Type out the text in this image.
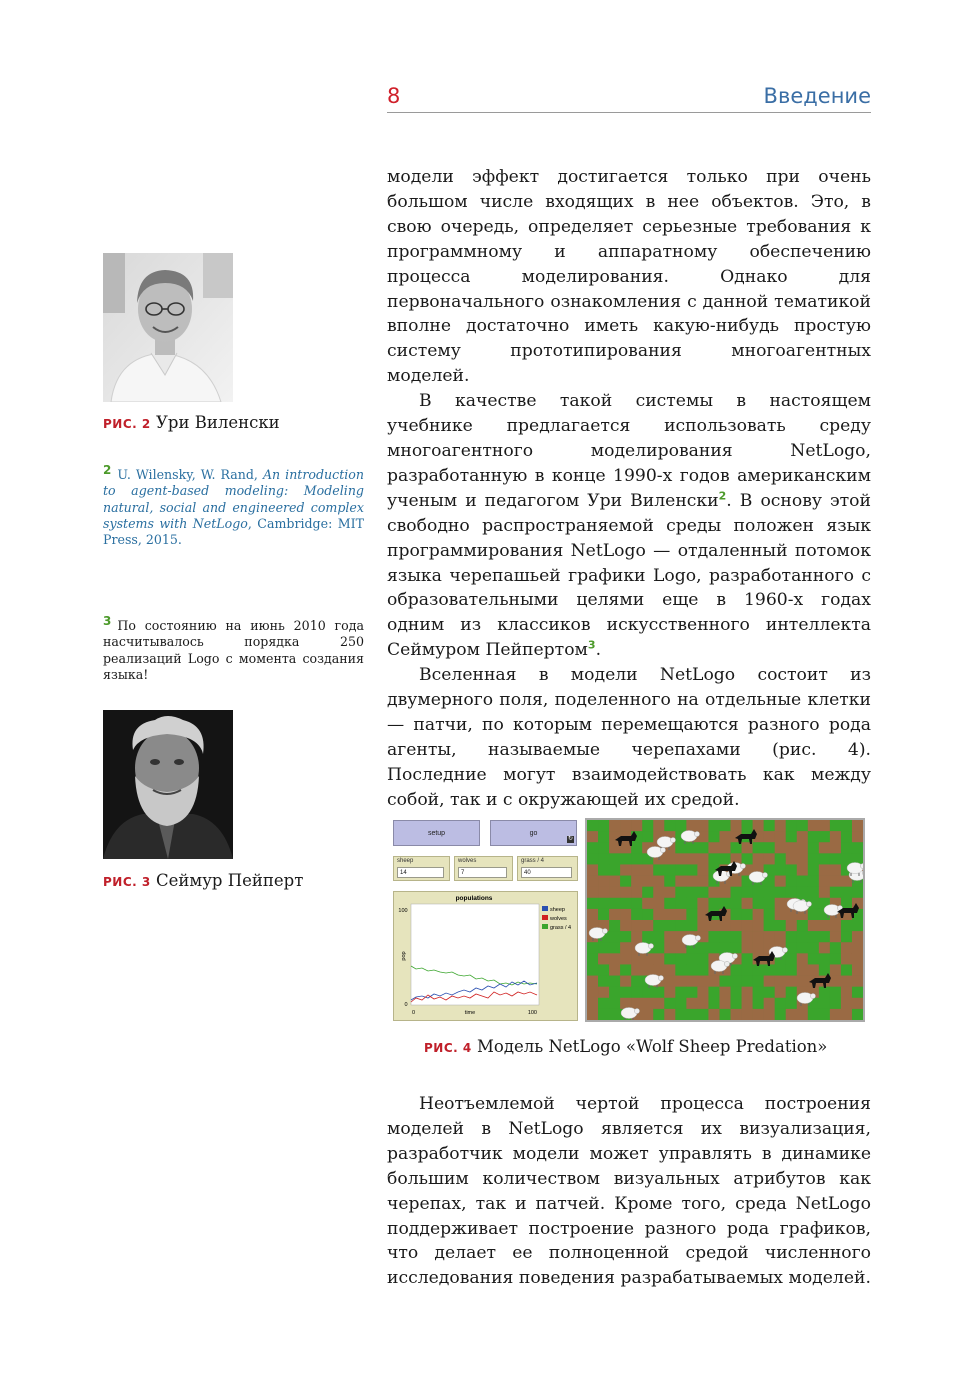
8	Введение

модели эффект достигается только при очень большом числе входящих в нее объектов. Это, в свою очередь, определяет серьезные требования к программному и аппаратному обеспечению процесса моделирования. Однако для первоначального ознакомления с данной тематикой вполне достаточно иметь какую-нибудь простую систему прототипирования многоагентных моделей.

В качестве такой системы в настоящем учебнике предлагается использовать среду многоагентного моделирования NetLogo, разработанную в конце 1990-х годов американским ученым и педагогом Ури Виленски$^2$. В основу этой свободно распространяемой среды положен язык программирования NetLogo — отдаленный потомок языка черепашьей графики Logo, разработанного с образовательными целями еще в 1960-х годах одним из классиков искусственного интеллекта Сеймуром Пейпертом$^3$.

Вселенная в модели NetLogo состоит из двумерного поля, поделенного на отдельные клетки — патчи, по которым перемещаются разного рода агенты, называемые черепахами (рис. 4). Последние могут взаимодействовать как между собой, так и с окружающей их средой.

РИС. 2 Ури Виленски
2 U. Wilensky, W. Rand, An introduction to agent-based modeling: Modeling natural, social and engineered complex systems with NetLogo, Cambridge: MIT Press, 2015.
3 По состоянию на июнь 2010 года насчитывалось порядка 250 реализаций Logo с момента создания языка!
РИС. 3 Сеймур Пейперт
setup	go
↻
sheep
14
wolves
7
grass / 4
40
populations
100
0
pop
0	time	100
sheep
wolves
grass / 4
РИС. 4 Модель NetLogo «Wolf Sheep Predation»

Неотъемлемой чертой процесса построения моделей в NetLogo является их визуализация, разработчик модели может управлять в динамике большим количеством визуальных атрибутов как черепах, так и патчей. Кроме того, среда NetLogo поддерживает построение разного рода графиков, что делает ее полноценной средой численного исследования поведения разрабатываемых моделей.
